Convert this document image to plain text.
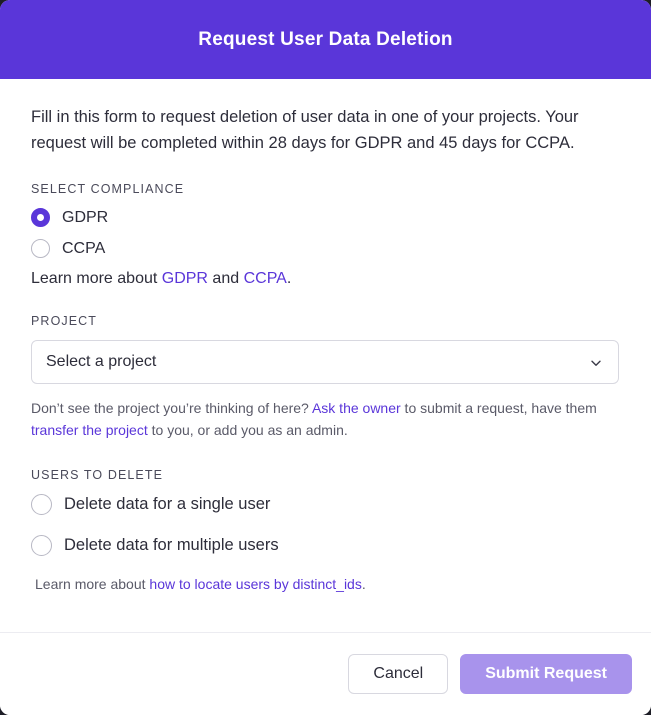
Request User Data Deletion

Fill in this form to request deletion of user data in one of your projects. Your request will be completed within 28 days for GDPR and 45 days for CCPA.

SELECT COMPLIANCE
GDPR
CCPA
Learn more about GDPR and CCPA.
PROJECT
Select a project
Don’t see the project you’re thinking of here? Ask the owner to submit a request, have them transfer the project to you, or add you as an admin.
USERS TO DELETE
Delete data for a single user
Delete data for multiple users
Learn more about how to locate users by distinct_ids.
Cancel	Submit Request
